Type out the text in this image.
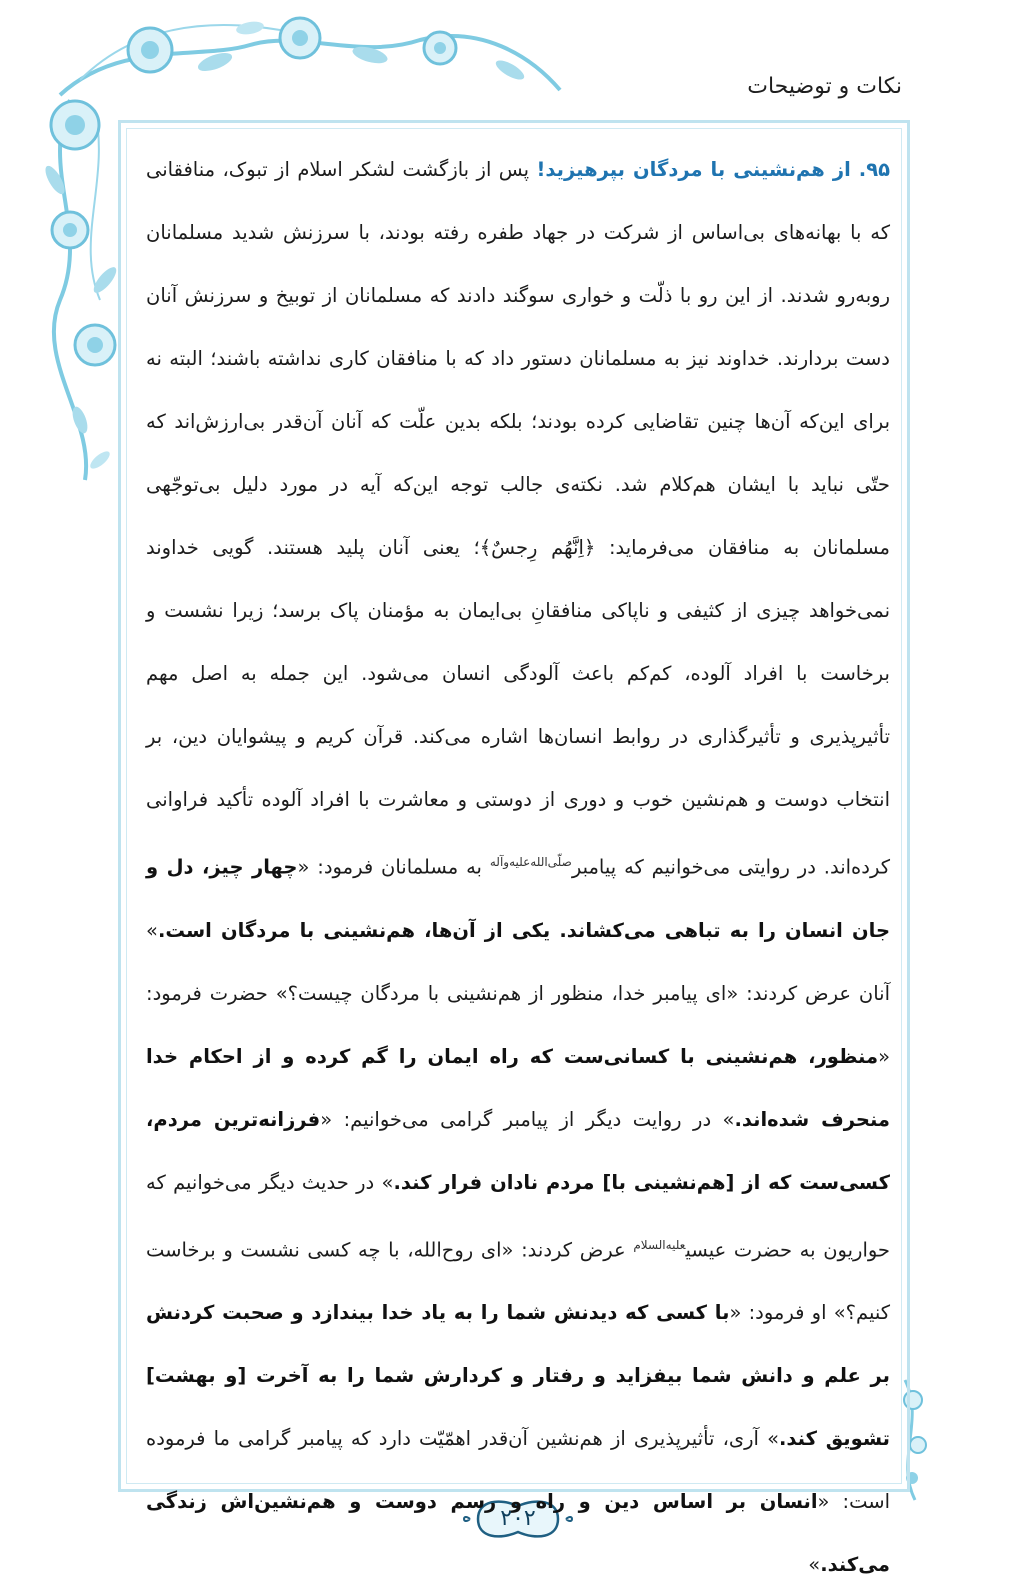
نکات و توضیحات

۹۵. از هم‌نشینی با مردگان بپرهیزید! پس از بازگشت لشکر اسلام از تبوک، منافقانی که با بهانه‌های بی‌اساس از شرکت در جهاد طفره رفته بودند، با سرزنش شدید مسلمانان روبه‌رو شدند. از این رو با ذلّت و خواری سوگند دادند که مسلمانان از توبیخ و سرزنش آنان دست بردارند. خداوند نیز به مسلمانان دستور داد که با منافقان کاری نداشته باشند؛ البته نه برای این‌که آن‌ها چنین تقاضایی کرده بودند؛ بلکه بدین علّت که آنان آن‌قدر بی‌ارزش‌اند که حتّی نباید با ایشان هم‌کلام شد. نکته‌ی جالب توجه این‌که آیه در مورد دلیل بی‌توجّهی مسلمانان به منافقان می‌فرماید: ﴿اِنَّهُم رِجسٌ﴾؛ یعنی آنان پلید هستند. گویی خداوند نمی‌خواهد چیزی از کثیفی و ناپاکی منافقانِ بی‌ایمان به مؤمنان پاک برسد؛ زیرا نشست و برخاست با افراد آلوده، کم‌کم باعث آلودگی انسان می‌شود. این جمله به اصل مهم تأثیرپذیری و تأثیرگذاری در روابط انسان‌ها اشاره می‌کند. قرآن کریم و پیشوایان دین، بر انتخاب دوست و هم‌نشین خوب و دوری از دوستی و معاشرت با افراد آلوده تأکید فراوانی کرده‌اند. در روایتی می‌خوانیم که پیامبر$^{صلّی‌الله‌علیه‌وآله}$ به مسلمانان فرمود: «چهار چیز، دل و جان انسان را به تباهی می‌کشاند. یکی از آن‌ها، هم‌نشینی با مردگان است.» آنان عرض کردند: «ای پیامبر خدا، منظور از هم‌نشینی با مردگان چیست؟» حضرت فرمود: «منظور، هم‌نشینی با کسانی‌ست که راه ایمان را گم کرده و از احکام خدا منحرف شده‌اند.» در روایت دیگر از پیامبر گرامی می‌خوانیم: «فرزانه‌ترین مردم، کسی‌ست که از [هم‌نشینی با] مردم نادان فرار کند.» در حدیث دیگر می‌خوانیم که حواریون به حضرت عیسی$^{علیه‌السلام}$ عرض کردند: «ای روح‌الله، با چه کسی نشست و برخاست کنیم؟» او فرمود: «با کسی که دیدنش شما را به یاد خدا بیندازد و صحبت کردنش بر علم و دانش شما بیفزاید و رفتار و کردارش شما را به آخرت [و بهشت] تشویق کند.» آری، تأثیرپذیری از هم‌نشین آن‌قدر اهمّیّت دارد که پیامبر گرامی ما فرموده است: «انسان بر اساس دین و راه و رسم دوست و هم‌نشین‌اش زندگی می‌کند.»

۲۰۲
